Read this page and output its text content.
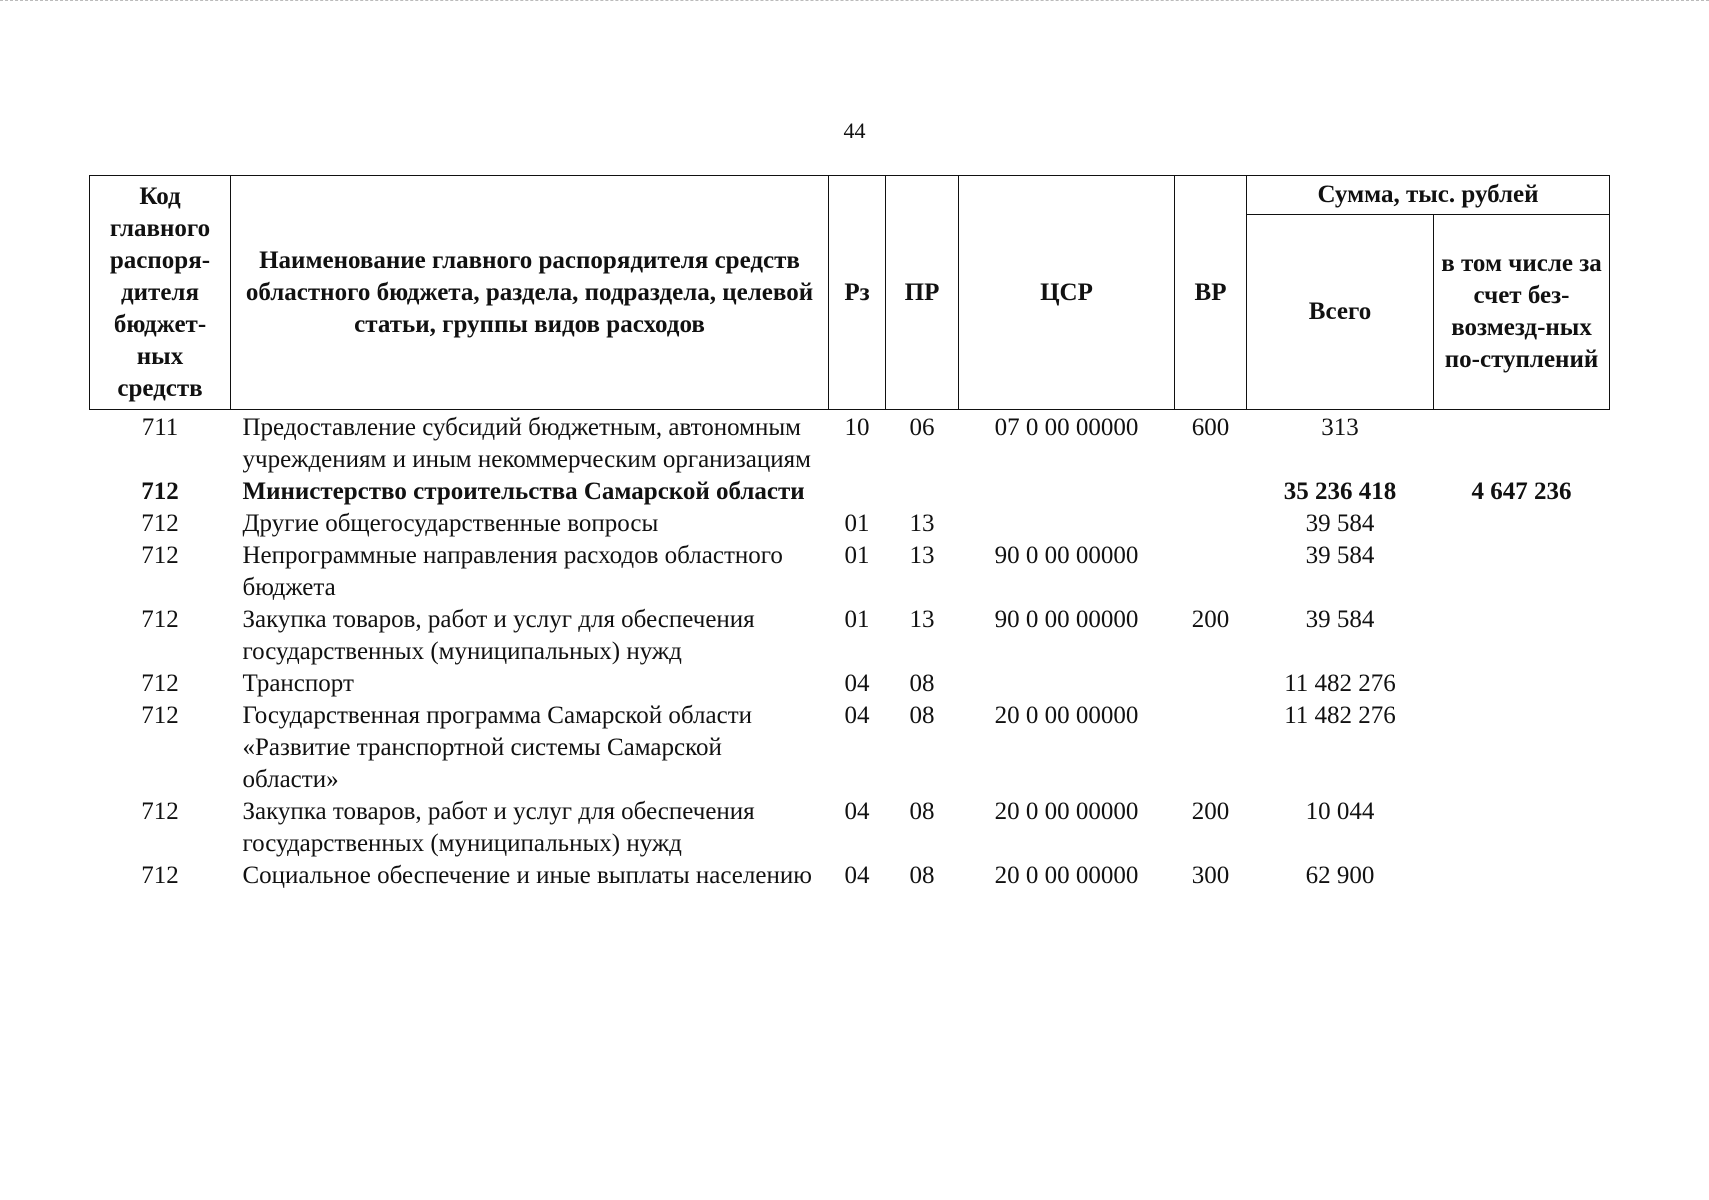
44
Код главного распоря-дителя бюджет-ных средств	Наименование главного распорядителя средств областного бюджета, раздела, подраздела, целевой статьи, группы видов расходов	Рз	ПР	ЦСР	ВР	Сумма, тыс. рублей	
						Всего	в том числе за счет без-возмезд-ных по-ступлений
711	Предоставление субсидий бюджетным, автономным учреждениям и иным некоммерческим организациям	10	06	07 0 00 00000	600	313	
712	Министерство строительства Самарской области					35 236 418	4 647 236
712	Другие общегосударственные вопросы	01	13			39 584	
712	Непрограммные направления расходов областного бюджета	01	13	90 0 00 00000		39 584	
712	Закупка товаров, работ и услуг для обеспечения государственных (муниципальных) нужд	01	13	90 0 00 00000	200	39 584	
712	Транспорт	04	08			11 482 276	
712	Государственная программа Самарской области «Развитие транспортной системы Самарской области»	04	08	20 0 00 00000		11 482 276	
712	Закупка товаров, работ и услуг для обеспечения государственных (муниципальных) нужд	04	08	20 0 00 00000	200	10 044	
712	Социальное обеспечение и иные выплаты населению	04	08	20 0 00 00000	300	62 900	
